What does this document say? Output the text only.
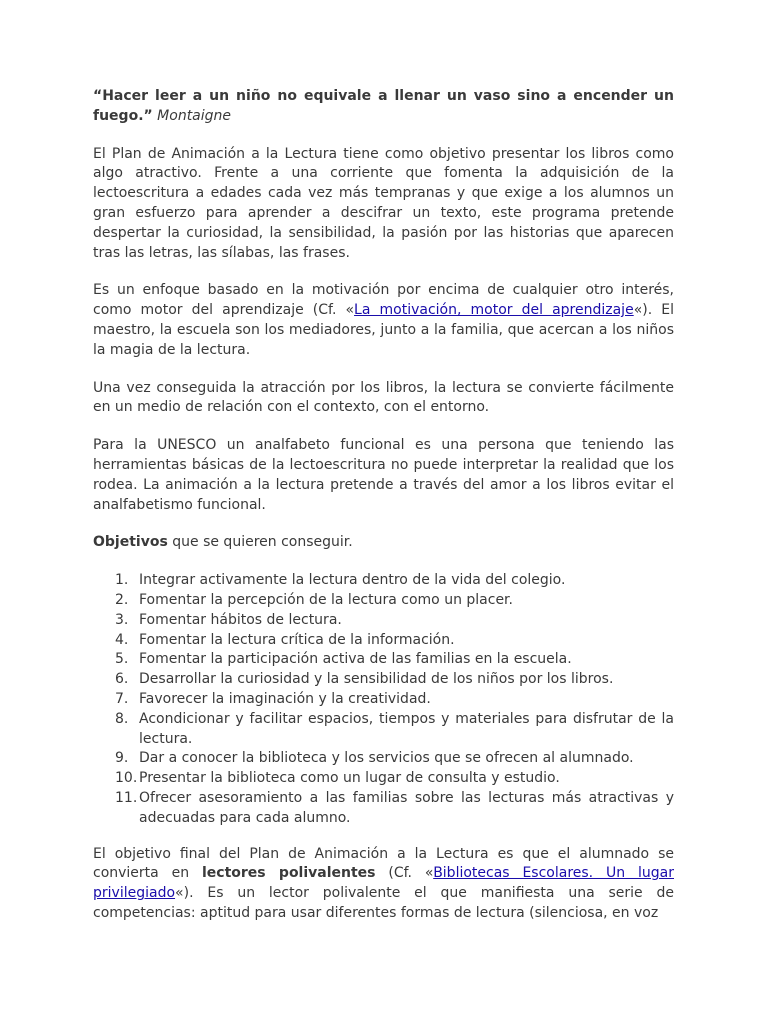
“Hacer leer a un niño no equivale a llenar un vaso sino a encender un fuego.” Montaigne

El Plan de Animación a la Lectura tiene como objetivo presentar los libros como algo atractivo. Frente a una corriente que fomenta la adquisición de la lectoescritura a edades cada vez más tempranas y que exige a los alumnos un gran esfuerzo para aprender a descifrar un texto, este programa pretende despertar la curiosidad, la sensibilidad, la pasión por las historias que aparecen tras las letras, las sílabas, las frases.

Es un enfoque basado en la motivación por encima de cualquier otro interés, como motor del aprendizaje (Cf. «La motivación, motor del aprendizaje«). El maestro, la escuela son los mediadores, junto a la familia, que acercan a los niños la magia de la lectura.

Una vez conseguida la atracción por los libros, la lectura se convierte fácilmente en un medio de relación con el contexto, con el entorno.

Para la UNESCO un analfabeto funcional es una persona que teniendo las herramientas básicas de la lectoescritura no puede interpretar la realidad que los rodea. La animación a la lectura pretende a través del amor a los libros evitar el analfabetismo funcional.

Objetivos que se quieren conseguir.

1. Integrar activamente la lectura dentro de la vida del colegio.
2. Fomentar la percepción de la lectura como un placer.
3. Fomentar hábitos de lectura.
4. Fomentar la lectura crítica de la información.
5. Fomentar la participación activa de las familias en la escuela.
6. Desarrollar la curiosidad y la sensibilidad de los niños por los libros.
7. Favorecer la imaginación y la creatividad.
8. Acondicionar y facilitar espacios, tiempos y materiales para disfrutar de la lectura.
9. Dar a conocer la biblioteca y los servicios que se ofrecen al alumnado.
10. Presentar la biblioteca como un lugar de consulta y estudio.
11. Ofrecer asesoramiento a las familias sobre las lecturas más atractivas y adecuadas para cada alumno.

El objetivo final del Plan de Animación a la Lectura es que el alumnado se convierta en lectores polivalentes (Cf. «Bibliotecas Escolares. Un lugar privilegiado«). Es un lector polivalente el que manifiesta una serie de competencias: aptitud para usar diferentes formas de lectura (silenciosa, en voz
